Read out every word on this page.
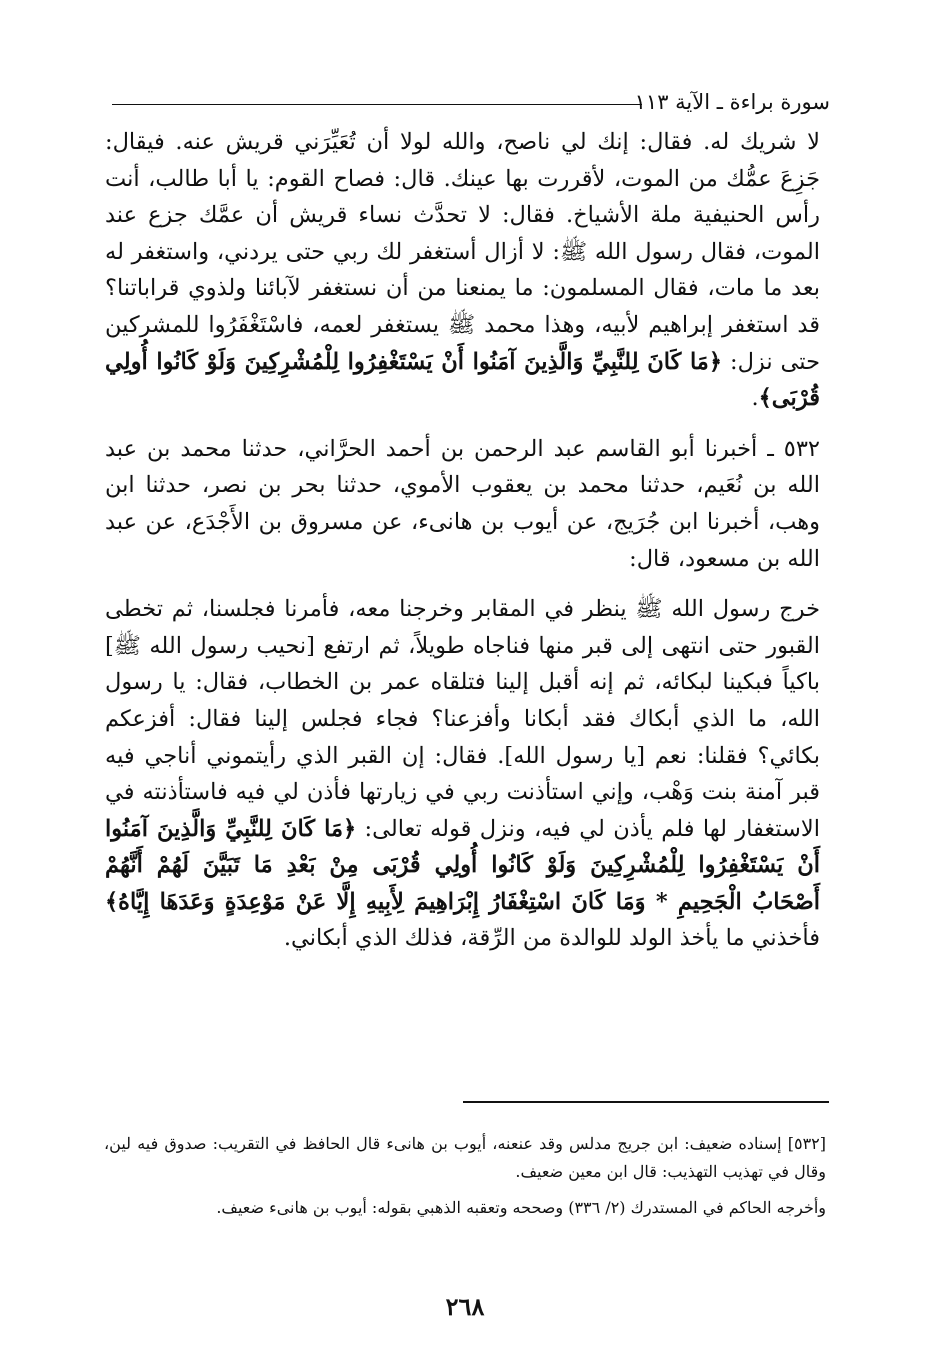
سورة براءة ـ الآية ١١٣

لا شريك له. فقال: إنك لي ناصح، والله لولا أن تُعَيِّرَني قريش عنه. فيقال: جَزِعَ عمُّك من الموت، لأقررت بها عينك. قال: فصاح القوم: يا أبا طالب، أنت رأس الحنيفية ملة الأشياخ. فقال: لا تحدَّث نساء قريش أن عمَّك جزع عند الموت، فقال رسول الله ﷺ: لا أزال أستغفر لك ربي حتى يردني، واستغفر له بعد ما مات، فقال المسلمون: ما يمنعنا من أن نستغفر لآبائنا ولذوي قراباتنا؟ قد استغفر إبراهيم لأبيه، وهذا محمد ﷺ يستغفر لعمه، فاسْتَغْفَرُوا للمشركين حتى نزل: ﴿مَا كَانَ لِلنَّبِيِّ وَالَّذِينَ آمَنُوا أَنْ يَسْتَغْفِرُوا لِلْمُشْرِكِينَ وَلَوْ كَانُوا أُولِي قُرْبَى﴾.

٥٣٢ ـ أخبرنا أبو القاسم عبد الرحمن بن أحمد الحرَّاني، حدثنا محمد بن عبد الله بن نُعَيم، حدثنا محمد بن يعقوب الأموي، حدثنا بحر بن نصر، حدثنا ابن وهب، أخبرنا ابن جُرَيج، عن أيوب بن هانىء، عن مسروق بن الأَجْدَع، عن عبد الله بن مسعود، قال:

خرج رسول الله ﷺ ينظر في المقابر وخرجنا معه، فأمرنا فجلسنا، ثم تخطى القبور حتى انتهى إلى قبر منها فناجاه طويلاً، ثم ارتفع [نحيب رسول الله ﷺ] باكياً فبكينا لبكائه، ثم إنه أقبل إلينا فتلقاه عمر بن الخطاب، فقال: يا رسول الله، ما الذي أبكاك فقد أبكانا وأفزعنا؟ فجاء فجلس إلينا فقال: أفزعكم بكائي؟ فقلنا: نعم [يا رسول الله]. فقال: إن القبر الذي رأيتموني أناجي فيه قبر آمنة بنت وَهْب، وإني استأذنت ربي في زيارتها فأذن لي فيه فاستأذنته في الاستغفار لها فلم يأذن لي فيه، ونزل قوله تعالى: ﴿مَا كَانَ لِلنَّبِيِّ وَالَّذِينَ آمَنُوا أَنْ يَسْتَغْفِرُوا لِلْمُشْرِكِينَ وَلَوْ كَانُوا أُولِي قُرْبَى مِنْ بَعْدِ مَا تَبَيَّنَ لَهُمْ أَنَّهُمْ أَصْحَابُ الْجَحِيمِ * وَمَا كَانَ اسْتِغْفَارُ إِبْرَاهِيمَ لِأَبِيهِ إِلَّا عَنْ مَوْعِدَةٍ وَعَدَهَا إِيَّاهُ﴾ فأخذني ما يأخذ الولد للوالدة من الرِّقة، فذلك الذي أبكاني.

[٥٣٢] إسناده ضعيف: ابن جريج مدلس وقد عنعنه، أيوب بن هانىء قال الحافظ في التقريب: صدوق فيه لين، وقال في تهذيب التهذيب: قال ابن معين ضعيف.

وأخرجه الحاكم في المستدرك (٢/ ٣٣٦) وصححه وتعقبه الذهبي بقوله: أيوب بن هانىء ضعيف.

٢٦٨
